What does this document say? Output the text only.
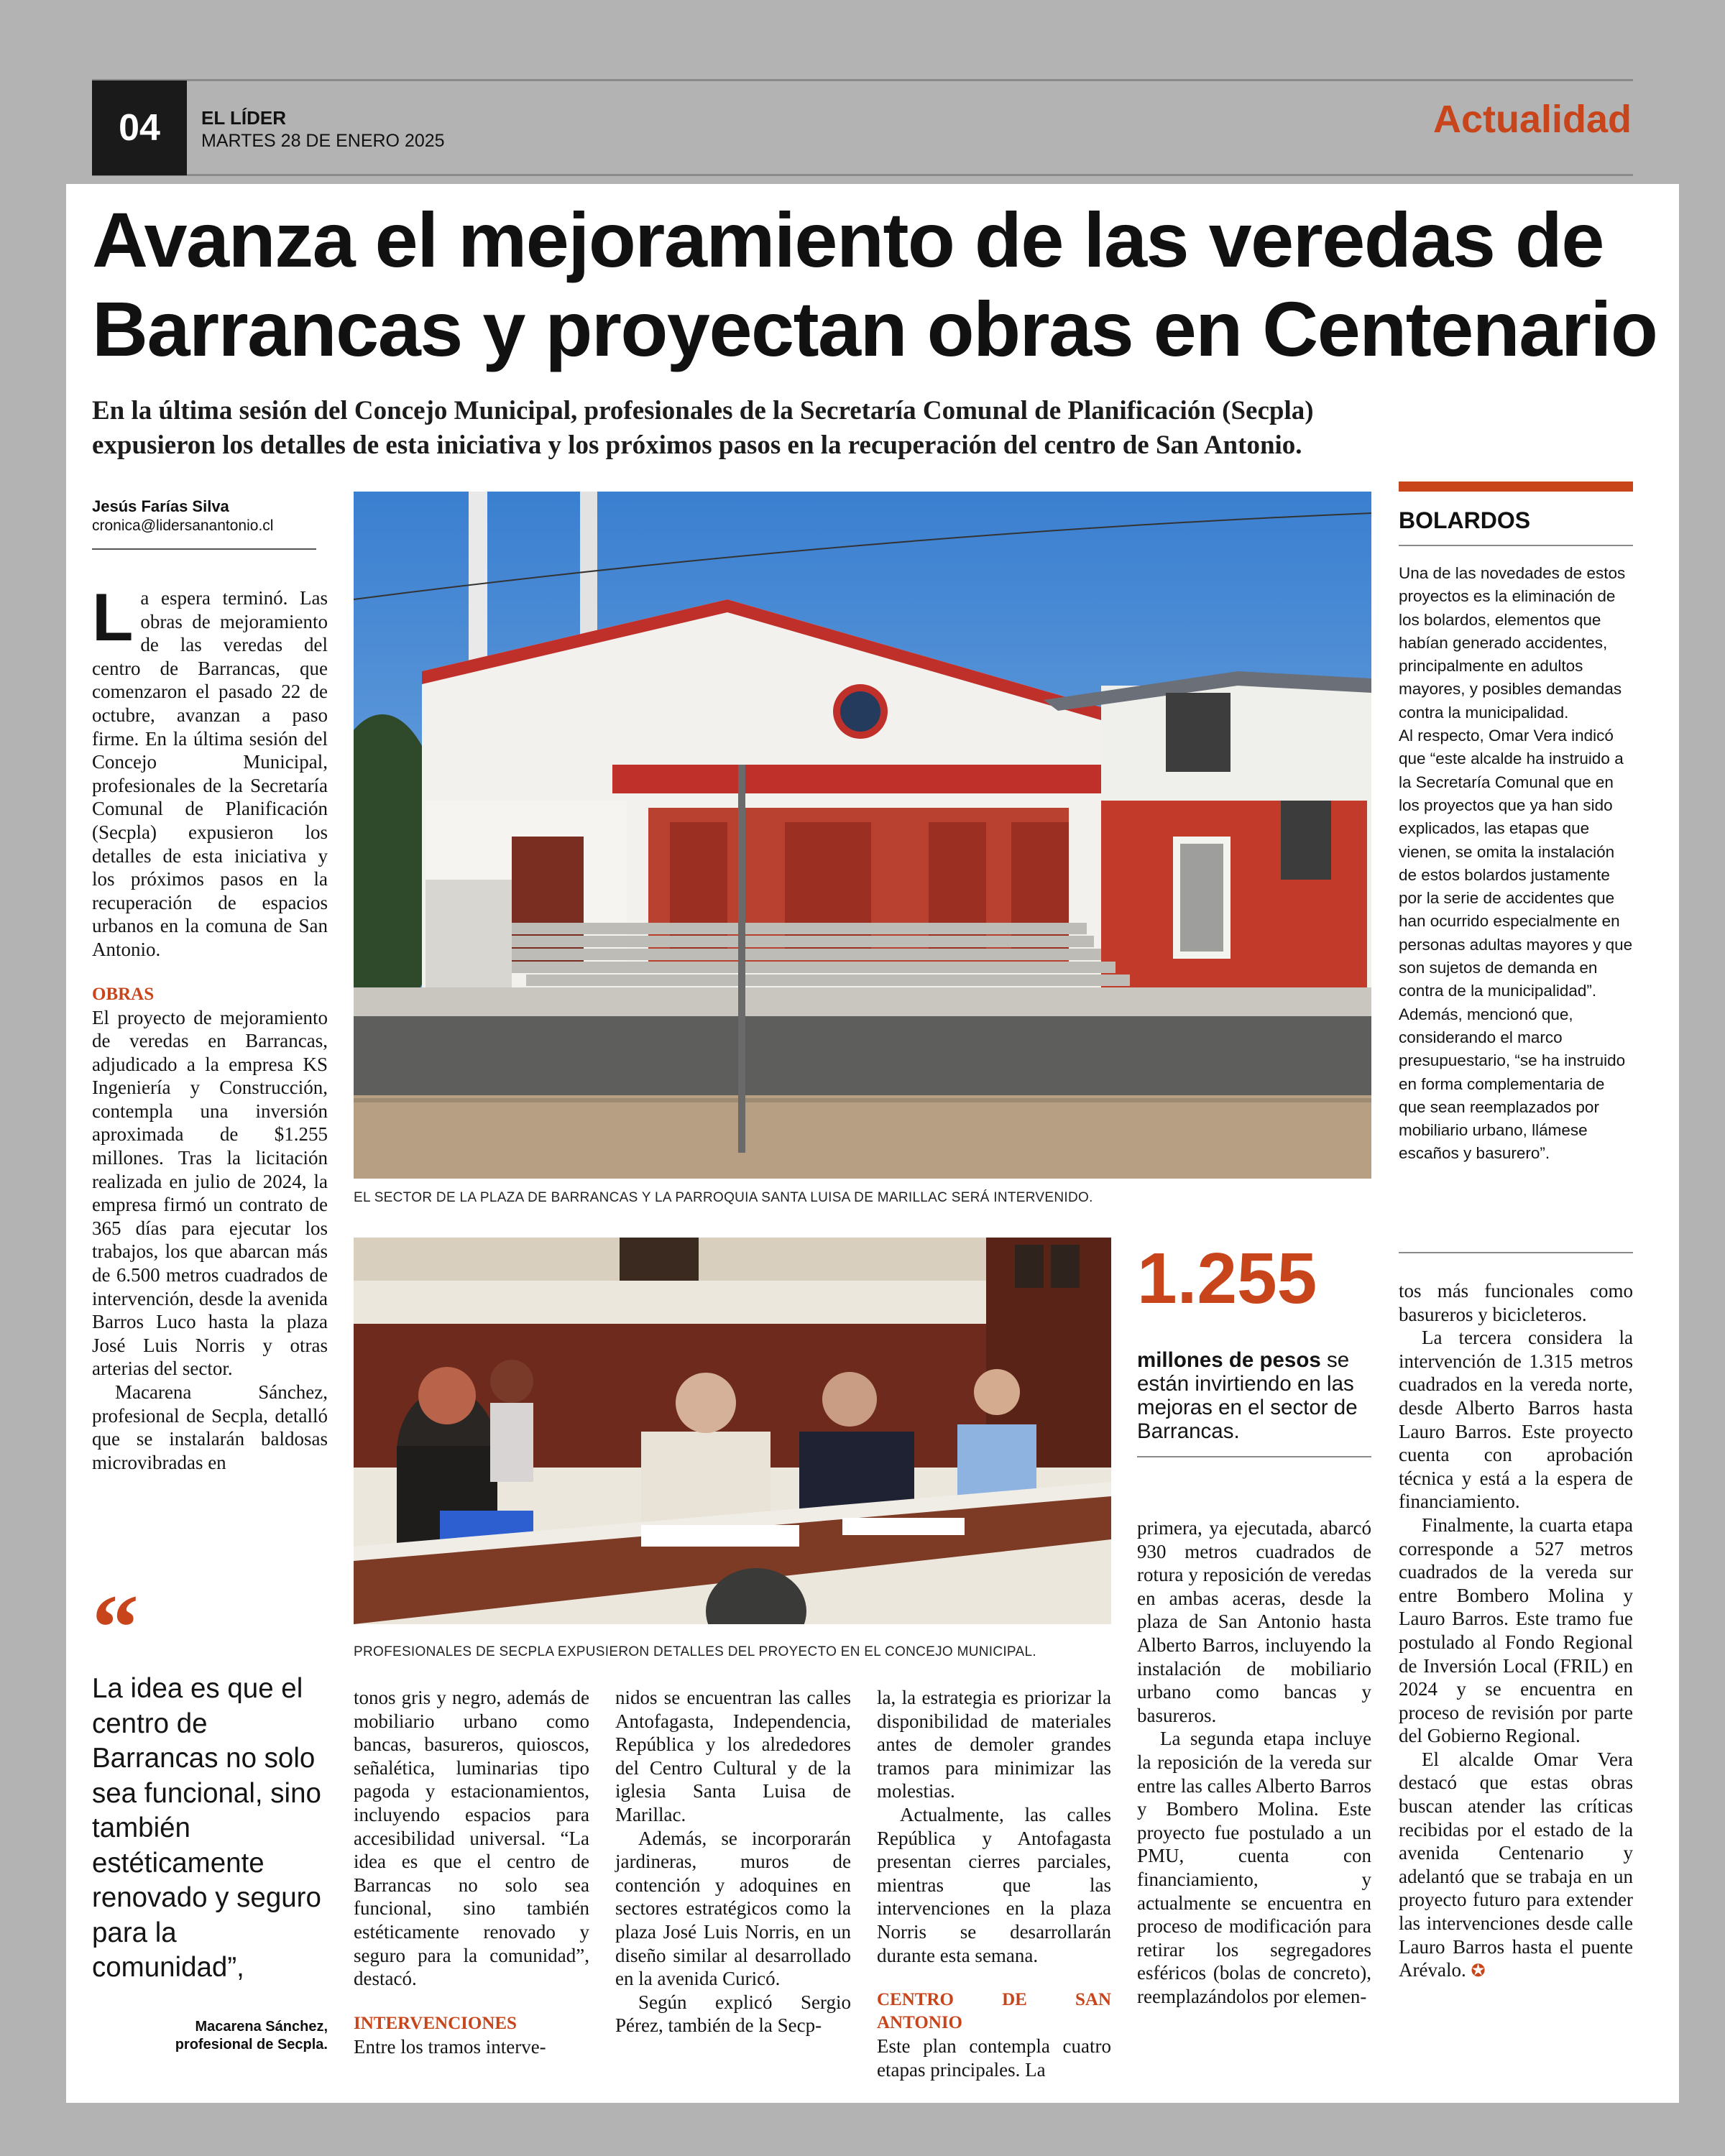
04	EL LÍDER
MARTES 28 DE ENERO 2025	Actualidad
Avanza el mejoramiento de las veredas de
Barrancas y proyectan obras en Centenario
En la última sesión del Concejo Municipal, profesionales de la Secretaría Comunal de Planificación (Secpla)
expusieron los detalles de esta iniciativa y los próximos pasos en la recuperación del centro de San Antonio.
Jesús Farías Silva
cronica@lidersanantonio.cl
La espera terminó. Las obras de mejoramiento de las veredas del centro de Barrancas, que comenzaron el pasado 22 de octubre, avanzan a paso firme. En la última sesión del Concejo Municipal, profesionales de la Secretaría Comunal de Planificación (Secpla) expusieron los detalles de esta iniciativa y los próximos pasos en la recuperación de espacios urbanos en la comuna de San Antonio.
OBRAS

El proyecto de mejoramiento de veredas en Barrancas, adjudicado a la empresa KS Ingeniería y Construcción, contempla una inversión aproximada de $1.255 millones. Tras la licitación realizada en julio de 2024, la empresa firmó un contrato de 365 días para ejecutar los trabajos, los que abarcan más de 6.500 metros cuadrados de intervención, desde la avenida Barros Luco hasta la plaza José Luis Norris y otras arterias del sector.

Macarena Sánchez, profesional de Secpla, detalló que se instalarán baldosas microvibradas en

“
La idea es que el centro de Barrancas no solo sea funcional, sino también estéticamente renovado y seguro para la comunidad”,
Macarena Sánchez,
profesional de Secpla.
EL SECTOR DE LA PLAZA DE BARRANCAS Y LA PARROQUIA SANTA LUISA DE MARILLAC SERÁ INTERVENIDO.
PROFESIONALES DE SECPLA EXPUSIERON DETALLES DEL PROYECTO EN EL CONCEJO MUNICIPAL.

tonos gris y negro, además de mobiliario urbano como bancas, basureros, quioscos, señalética, luminarias tipo pagoda y estacionamientos, incluyendo espacios para accesibilidad universal. “La idea es que el centro de Barrancas no solo sea funcional, sino también estéticamente renovado y seguro para la comunidad”, destacó.

INTERVENCIONES

Entre los tramos interve-

nidos se encuentran las calles Antofagasta, Independencia, República y los alrededores del Centro Cultural y de la iglesia Santa Luisa de Marillac.

Además, se incorporarán jardineras, muros de contención y adoquines en sectores estratégicos como la plaza José Luis Norris, en un diseño similar al desarrollado en la avenida Curicó.

Según explicó Sergio Pérez, también de la Secp-

la, la estrategia es priorizar la disponibilidad de materiales antes de demoler grandes tramos para minimizar las molestias.

Actualmente, las calles República y Antofagasta presentan cierres parciales, mientras que las intervenciones en la plaza Norris se desarrollarán durante esta semana.

CENTRO DE SAN ANTONIO

Este plan contempla cuatro etapas principales. La

1.255
millones de pesos se están invirtiendo en las mejoras en el sector de Barrancas.

primera, ya ejecutada, abarcó 930 metros cuadrados de rotura y reposición de veredas en ambas aceras, desde la plaza de San Antonio hasta Alberto Barros, incluyendo la instalación de mobiliario urbano como bancas y basureros.

La segunda etapa incluye la reposición de la vereda sur entre las calles Alberto Barros y Bombero Molina. Este proyecto fue postulado a un PMU, cuenta con financiamiento, y actualmente se encuentra en proceso de modificación para retirar los segregadores esféricos (bolas de concreto), reemplazándolos por elemen-

BOLARDOS

Una de las novedades de estos proyectos es la eliminación de los bolardos, elementos que habían generado accidentes, principalmente en adultos mayores, y posibles demandas contra la municipalidad.

Al respecto, Omar Vera indicó que “este alcalde ha instruido a la Secretaría Comunal que en los proyectos que ya han sido explicados, las etapas que vienen, se omita la instalación de estos bolardos justamente por la serie de accidentes que han ocurrido especialmente en personas adultas mayores y que son sujetos de demanda en contra de la municipalidad”.

Además, mencionó que, considerando el marco presupuestario, “se ha instruido en forma complementaria de que sean reemplazados por mobiliario urbano, llámese escaños y basurero”.

tos más funcionales como basureros y bicicleteros.

La tercera considera la intervención de 1.315 metros cuadrados en la vereda norte, desde Alberto Barros hasta Lauro Barros. Este proyecto cuenta con aprobación técnica y está a la espera de financiamiento.

Finalmente, la cuarta etapa corresponde a 527 metros cuadrados de la vereda sur entre Bombero Molina y Lauro Barros. Este tramo fue postulado al Fondo Regional de Inversión Local (FRIL) en 2024 y se encuentra en proceso de revisión por parte del Gobierno Regional.

El alcalde Omar Vera destacó que estas obras buscan atender las críticas recibidas por el estado de la avenida Centenario y adelantó que se trabaja en un proyecto futuro para extender las intervenciones desde calle Lauro Barros hasta el puente Arévalo. ✪
